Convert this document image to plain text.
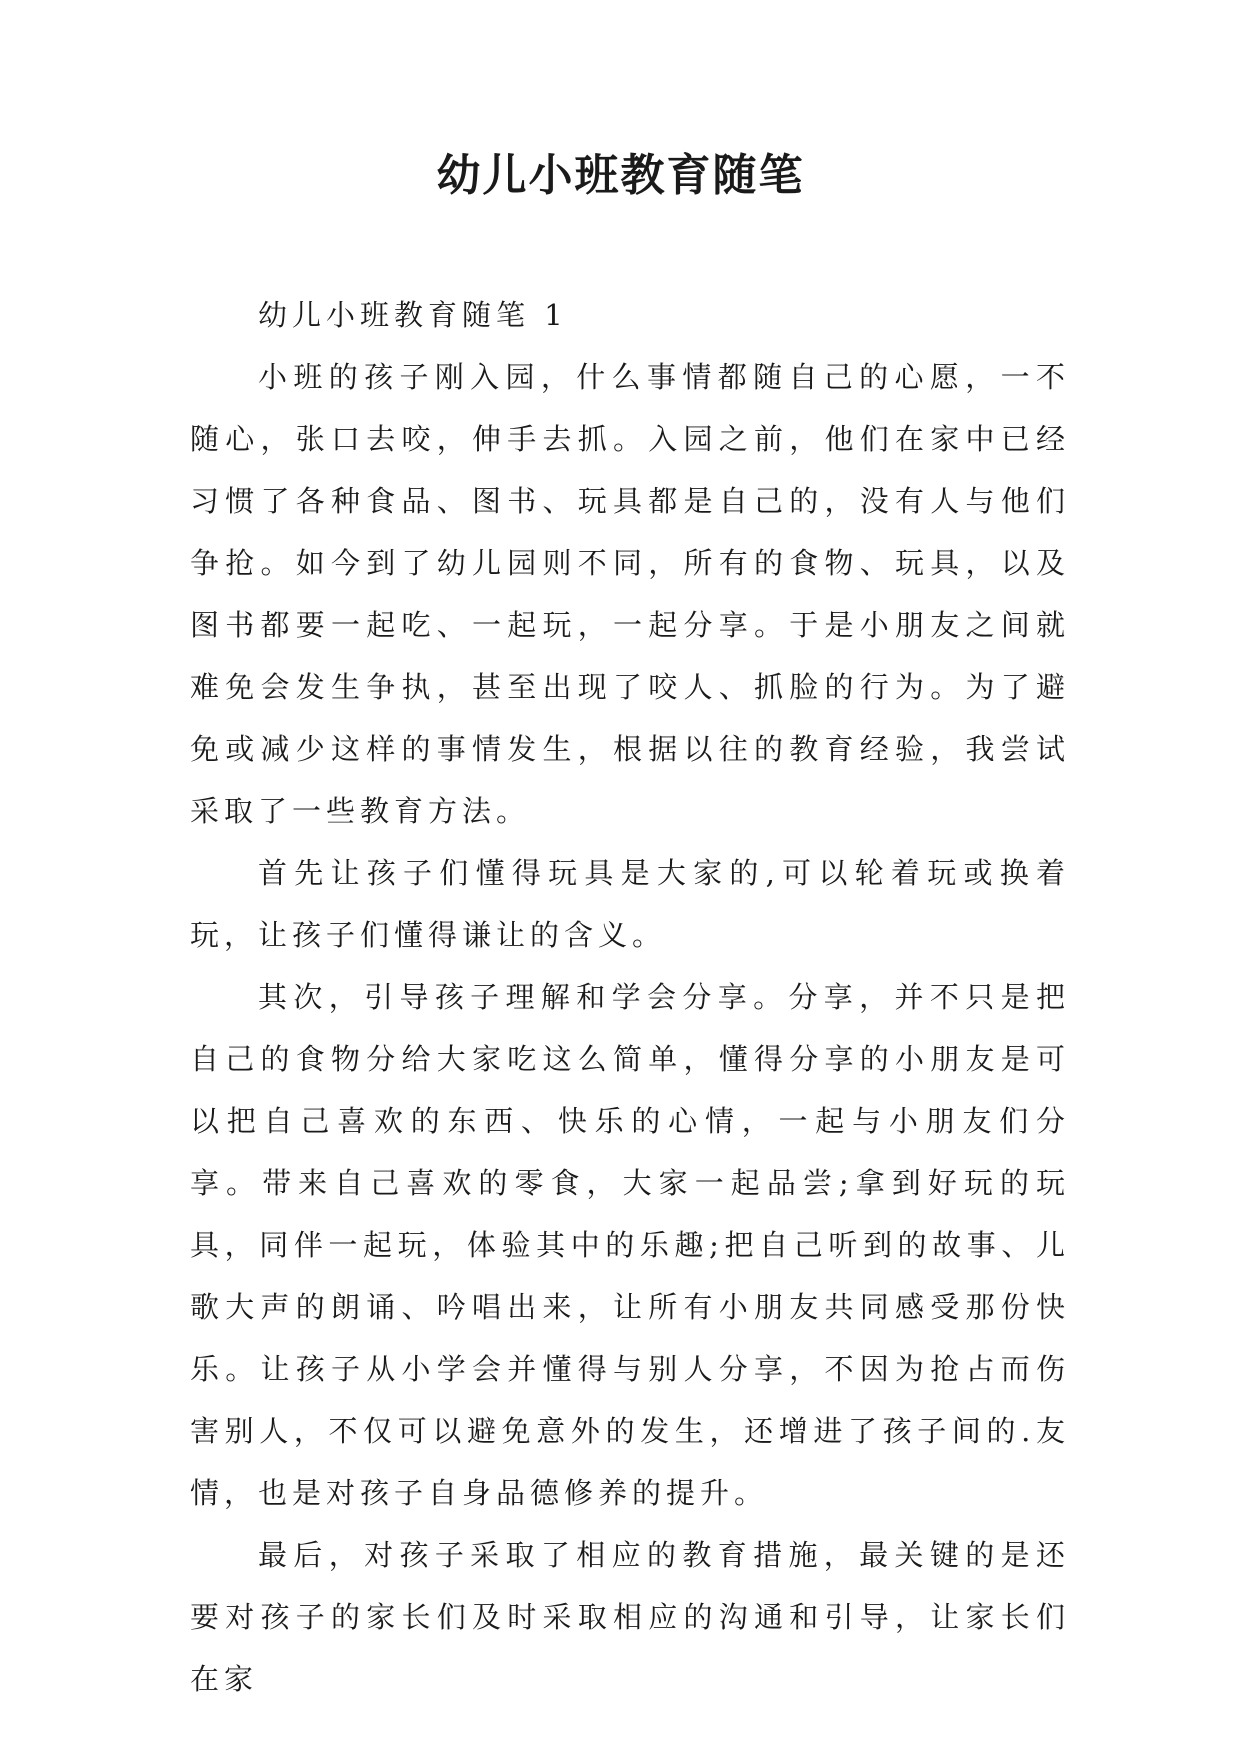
幼儿小班教育随笔

幼儿小班教育随笔 1

小班的孩子刚入园，什么事情都随自己的心愿，一不随心，张口去咬，伸手去抓。入园之前，他们在家中已经习惯了各种食品、图书、玩具都是自己的，没有人与他们争抢。如今到了幼儿园则不同，所有的食物、玩具，以及图书都要一起吃、一起玩，一起分享。于是小朋友之间就难免会发生争执，甚至出现了咬人、抓脸的行为。为了避免或减少这样的事情发生，根据以往的教育经验，我尝试采取了一些教育方法。

首先让孩子们懂得玩具是大家的,可以轮着玩或换着玩，让孩子们懂得谦让的含义。

其次，引导孩子理解和学会分享。分享，并不只是把自己的食物分给大家吃这么简单，懂得分享的小朋友是可以把自己喜欢的东西、快乐的心情，一起与小朋友们分享。带来自己喜欢的零食，大家一起品尝;拿到好玩的玩具，同伴一起玩，体验其中的乐趣;把自己听到的故事、儿歌大声的朗诵、吟唱出来，让所有小朋友共同感受那份快乐。让孩子从小学会并懂得与别人分享，不因为抢占而伤害别人，不仅可以避免意外的发生，还增进了孩子间的.友情，也是对孩子自身品德修养的提升。

最后，对孩子采取了相应的教育措施，最关键的是还要对孩子的家长们及时采取相应的沟通和引导，让家长们在家
